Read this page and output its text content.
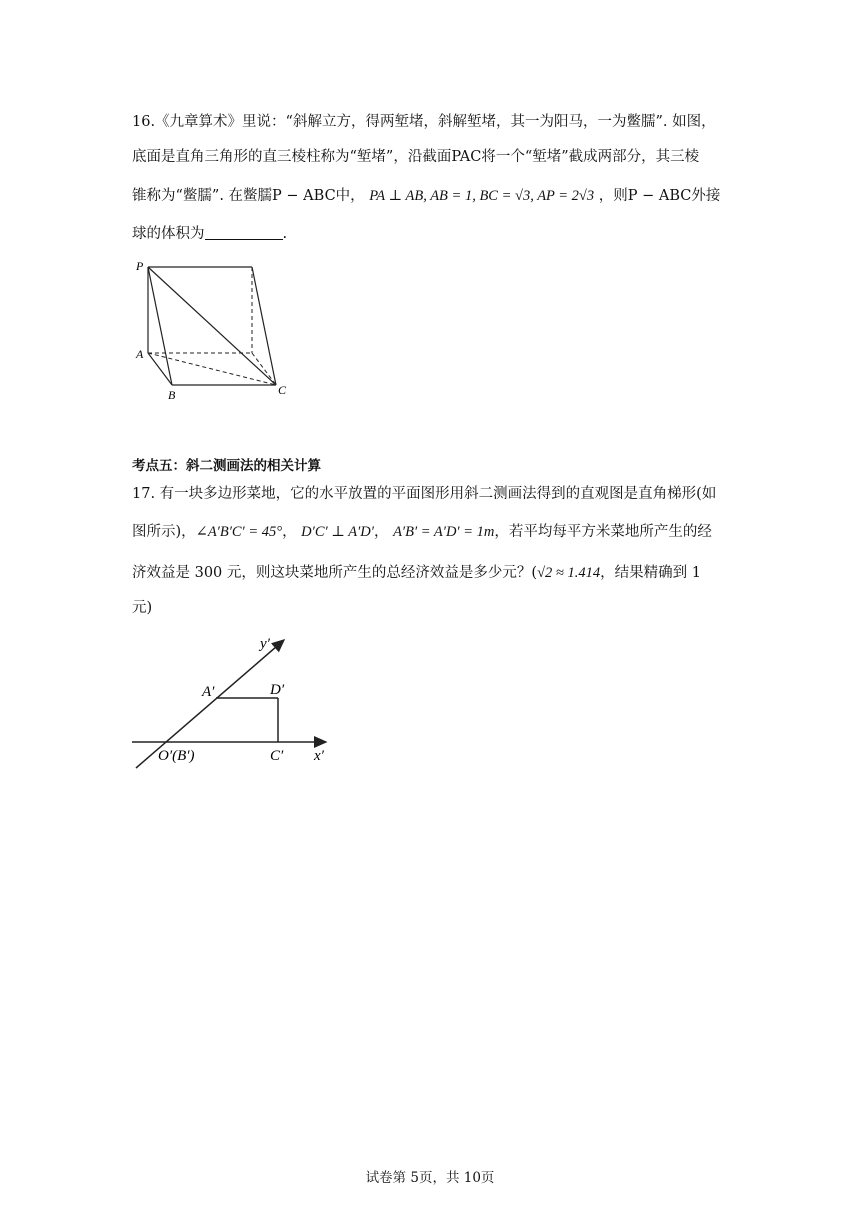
16.《九章算术》里说：“斜解立方，得两堑堵，斜解堑堵，其一为阳马，一为鳖臑”. 如图，
底面是直角三角形的直三棱柱称为“堑堵”，沿截面PAC将一个“堑堵”截成两部分，其三棱
锥称为“鳖臑”. 在鳖臑P − ABC中， PA ⊥ AB, AB = 1, BC = √3, AP = 2√3 ，则P − ABC外接
球的体积为	.
P
A
B	C
考点五：斜二测画法的相关计算
17. 有一块多边形菜地，它的水平放置的平面图形用斜二测画法得到的直观图是直角梯形(如
图所示)，∠A′B′C′ = 45°， D′C′ ⊥ A′D′， A′B′ = A′D′ = 1m，若平均每平方米菜地所产生的经
济效益是 300 元，则这块菜地所产生的总经济效益是多少元？(√2 ≈ 1.414，结果精确到 1
元)
y′
A′	D′
O′(B′)	C′ x′
试卷第 5页，共 10页
